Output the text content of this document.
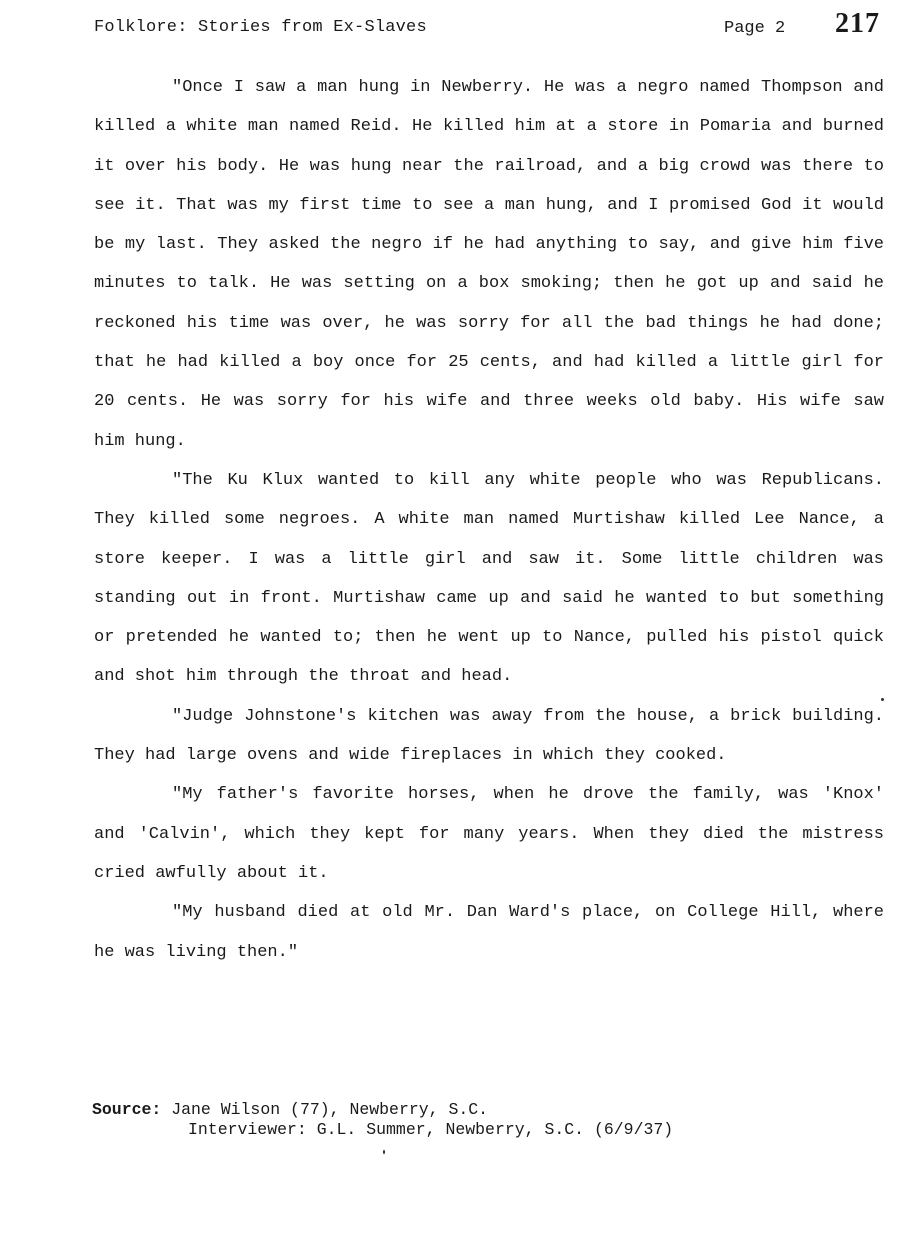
Folklore: Stories from Ex-Slaves	Page 2 217

"Once I saw a man hung in Newberry. He was a negro named Thompson and killed a white man named Reid. He killed him at a store in Pomaria and burned it over his body. He was hung near the railroad, and a big crowd was there to see it. That was my first time to see a man hung, and I promised God it would be my last. They asked the negro if he had anything to say, and give him five minutes to talk. He was setting on a box smoking; then he got up and said he reckoned his time was over, he was sorry for all the bad things he had done; that he had killed a boy once for 25 cents, and had killed a little girl for 20 cents. He was sorry for his wife and three weeks old baby. His wife saw him hung.

"The Ku Klux wanted to kill any white people who was Republicans. They killed some negroes. A white man named Murtishaw killed Lee Nance, a store keeper. I was a little girl and saw it. Some little children was standing out in front. Murtishaw came up and said he wanted to but something or pretended he wanted to; then he went up to Nance, pulled his pistol quick and shot him through the throat and head.

"Judge Johnstone's kitchen was away from the house, a brick building. They had large ovens and wide fireplaces in which they cooked.

"My father's favorite horses, when he drove the family, was 'Knox' and 'Calvin', which they kept for many years. When they died the mistress cried awfully about it.

"My husband died at old Mr. Dan Ward's place, on College Hill, where he was living then."

Source: Jane Wilson (77), Newberry, S.C.
Interviewer: G.L. Summer, Newberry, S.C. (6/9/37)
